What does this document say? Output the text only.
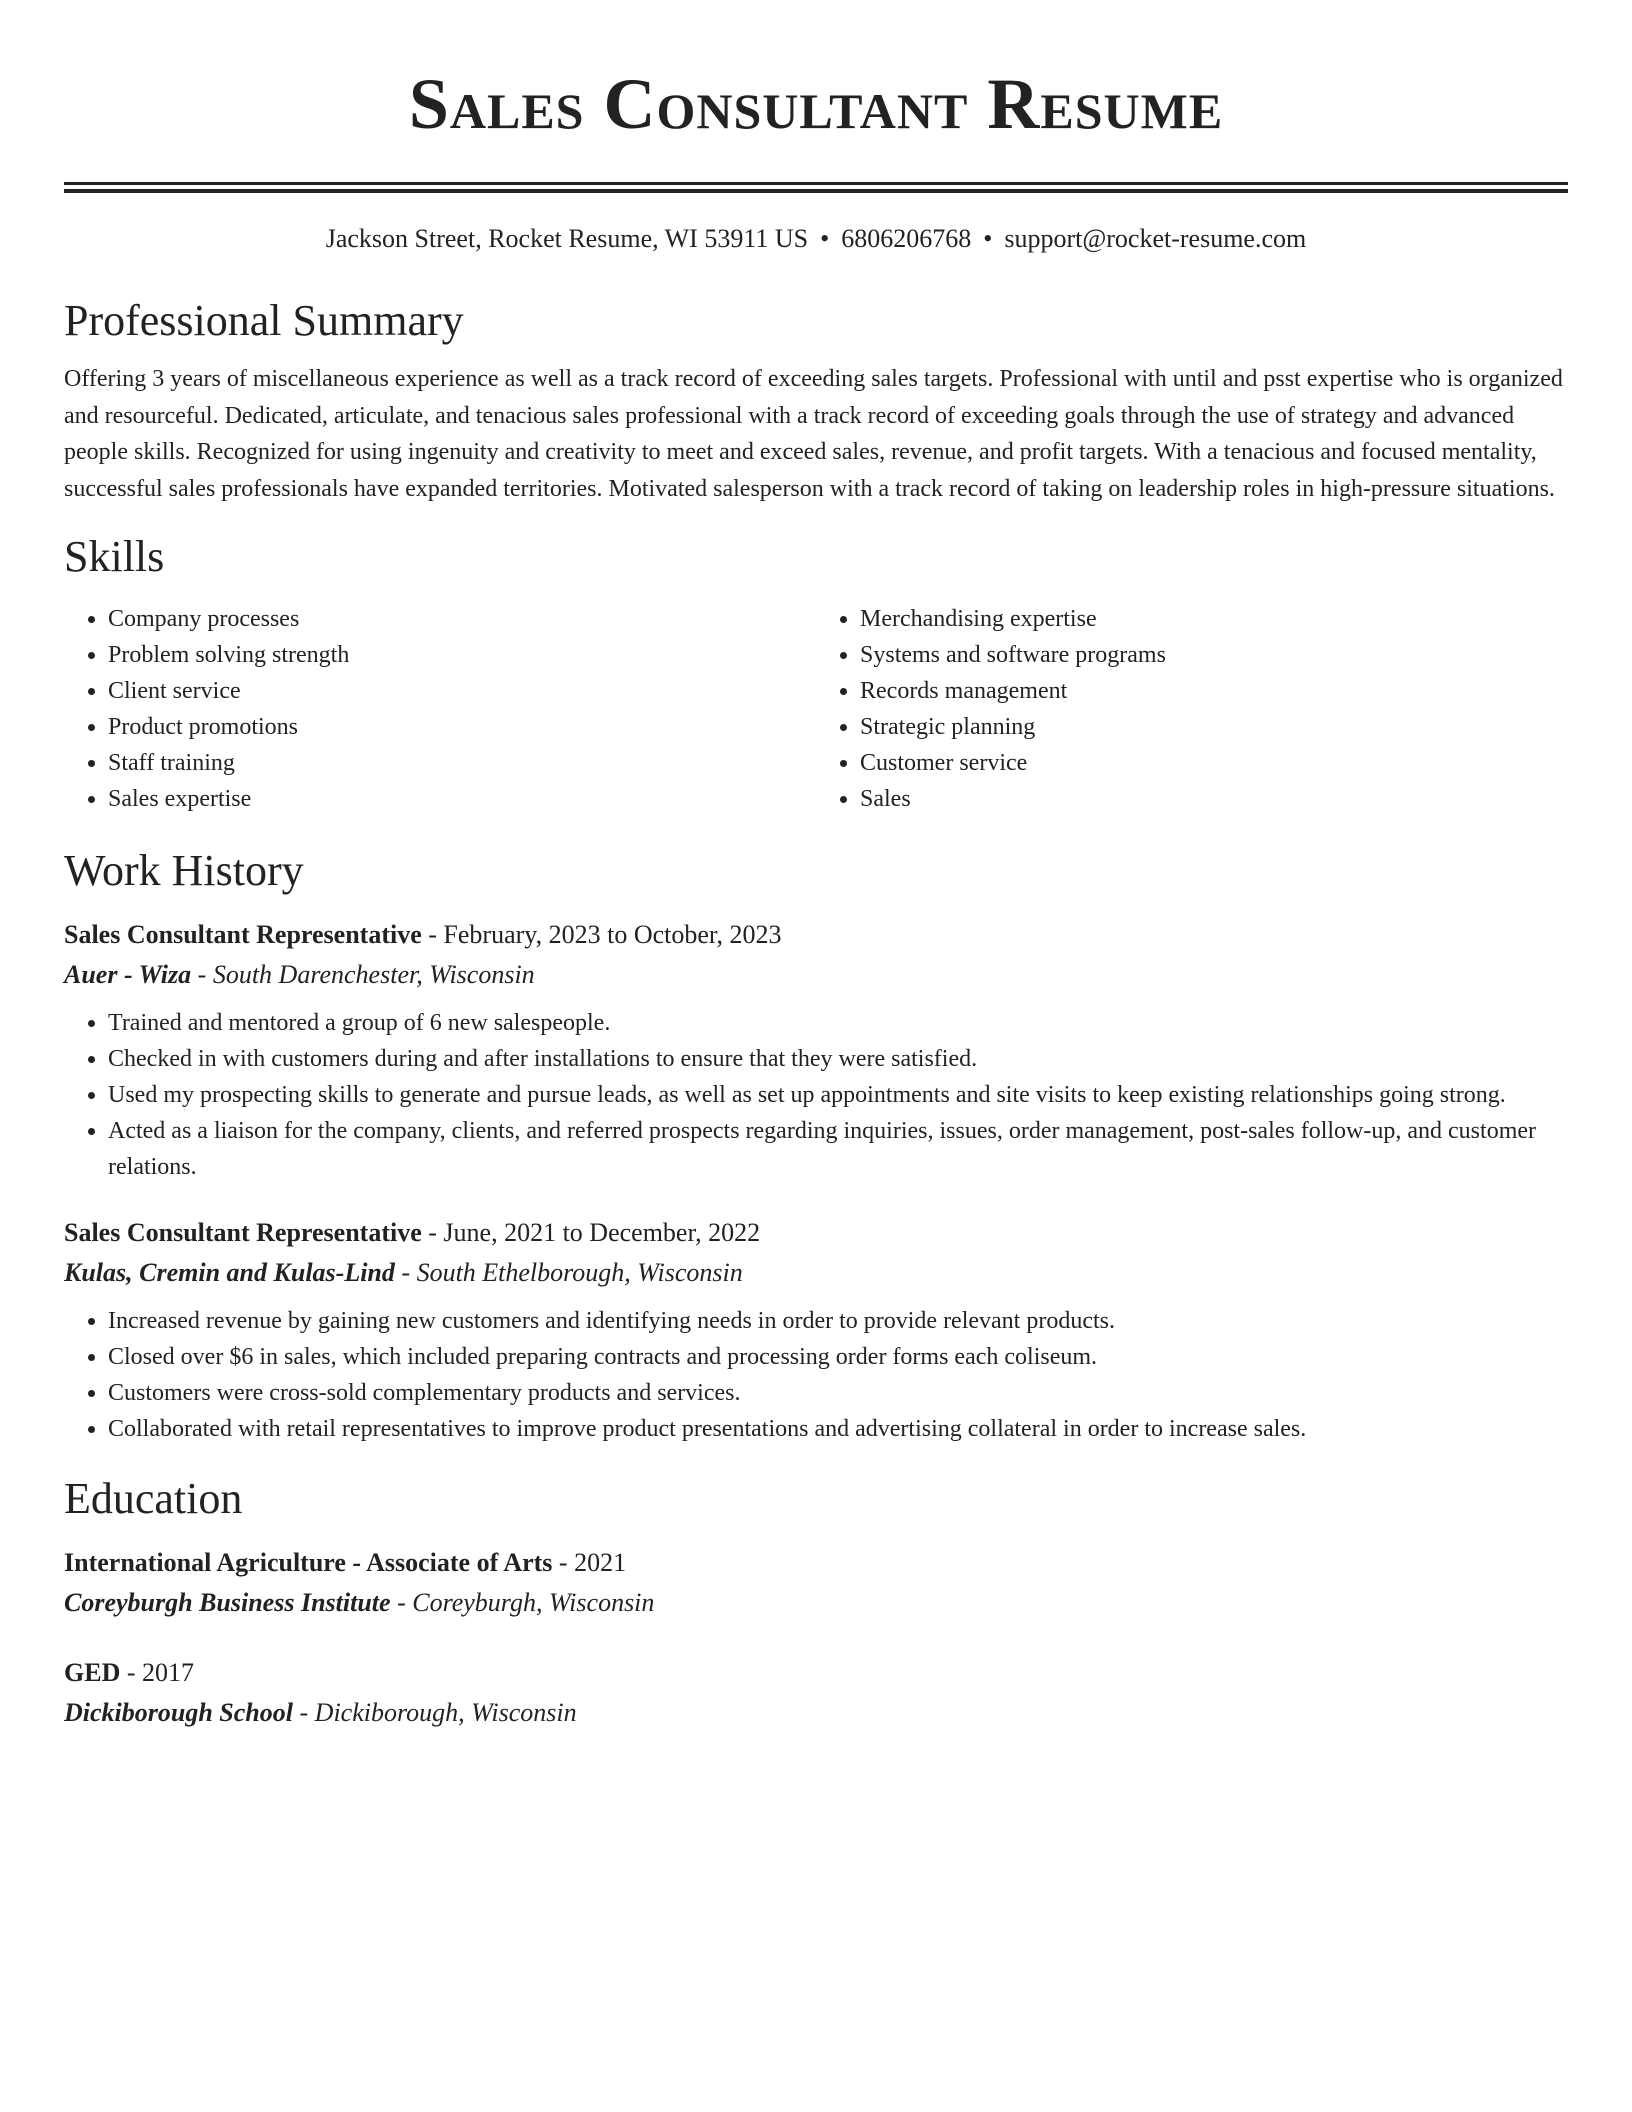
Sales Consultant Resume
Jackson Street, Rocket Resume, WI 53911 US • 6806206768 • support@rocket-resume.com
Professional Summary

Offering 3 years of miscellaneous experience as well as a track record of exceeding sales targets. Professional with until and psst expertise who is organized and resourceful. Dedicated, articulate, and tenacious sales professional with a track record of exceeding goals through the use of strategy and advanced people skills. Recognized for using ingenuity and creativity to meet and exceed sales, revenue, and profit targets. With a tenacious and focused mentality, successful sales professionals have expanded territories. Motivated salesperson with a track record of taking on leadership roles in high-pressure situations.

Skills
• Company processes
• Problem solving strength
• Client service
• Product promotions
• Staff training
• Sales expertise
• Merchandising expertise
• Systems and software programs
• Records management
• Strategic planning
• Customer service
• Sales
Work History
Sales Consultant Representative - February, 2023 to October, 2023
Auer - Wiza - South Darenchester, Wisconsin
• Trained and mentored a group of 6 new salespeople.
• Checked in with customers during and after installations to ensure that they were satisfied.
• Used my prospecting skills to generate and pursue leads, as well as set up appointments and site visits to keep existing relationships going strong.
• Acted as a liaison for the company, clients, and referred prospects regarding inquiries, issues, order management, post-sales follow-up, and customer relations.
Sales Consultant Representative - June, 2021 to December, 2022
Kulas, Cremin and Kulas-Lind - South Ethelborough, Wisconsin
• Increased revenue by gaining new customers and identifying needs in order to provide relevant products.
• Closed over $6 in sales, which included preparing contracts and processing order forms each coliseum.
• Customers were cross-sold complementary products and services.
• Collaborated with retail representatives to improve product presentations and advertising collateral in order to increase sales.
Education
International Agriculture - Associate of Arts - 2021
Coreyburgh Business Institute - Coreyburgh, Wisconsin
GED - 2017
Dickiborough School - Dickiborough, Wisconsin
